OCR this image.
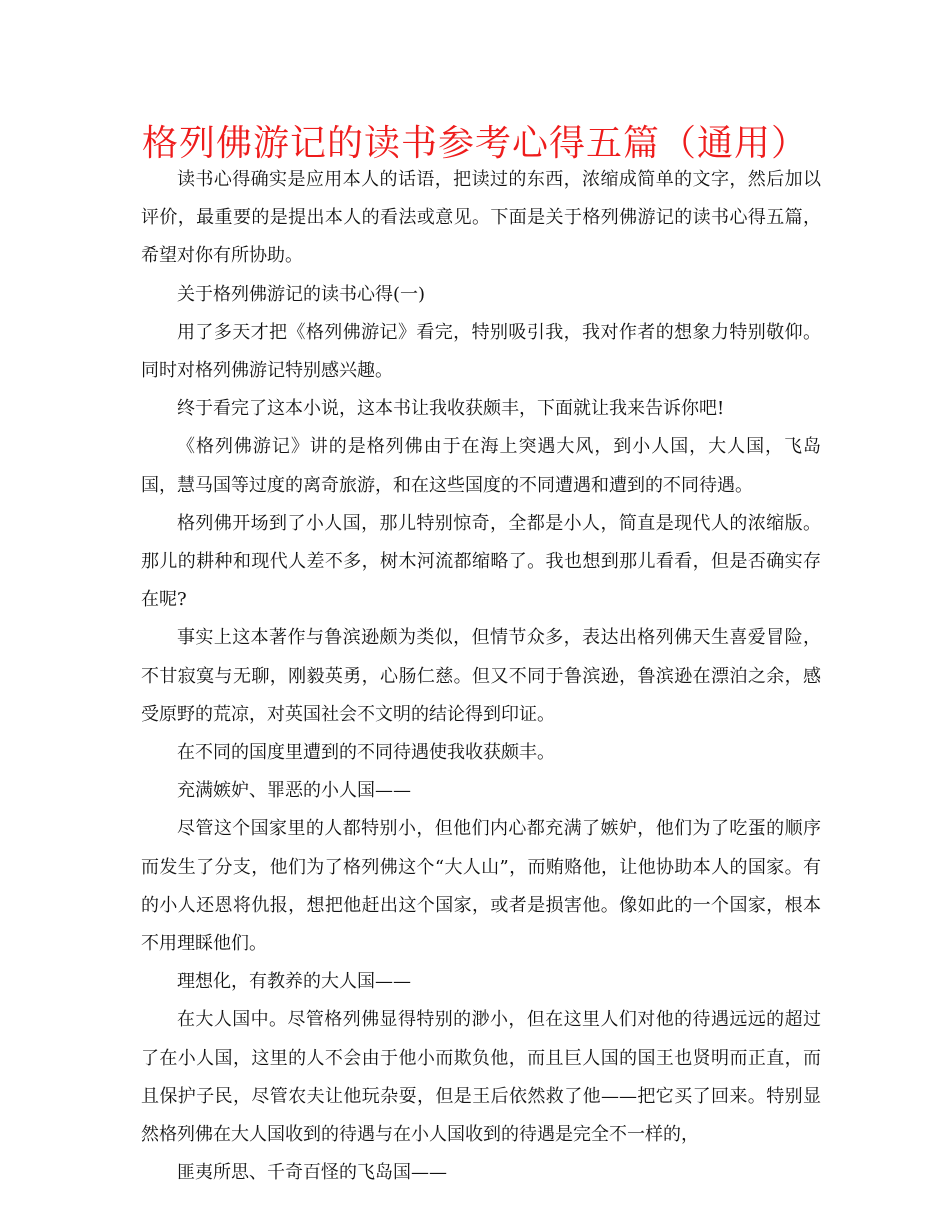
格列佛游记的读书参考心得五篇（通用）

读书心得确实是应用本人的话语，把读过的东西，浓缩成简单的文字，然后加以评价，最重要的是提出本人的看法或意见。下面是关于格列佛游记的读书心得五篇，希望对你有所协助。

关于格列佛游记的读书心得(一)

用了多天才把《格列佛游记》看完，特别吸引我，我对作者的想象力特别敬仰。同时对格列佛游记特别感兴趣。

终于看完了这本小说，这本书让我收获颇丰，下面就让我来告诉你吧!

《格列佛游记》讲的是格列佛由于在海上突遇大风，到小人国，大人国，飞岛国，慧马国等过度的离奇旅游，和在这些国度的不同遭遇和遭到的不同待遇。

格列佛开场到了小人国，那儿特别惊奇，全都是小人，简直是现代人的浓缩版。那儿的耕种和现代人差不多，树木河流都缩略了。我也想到那儿看看，但是否确实存在呢?

事实上这本著作与鲁滨逊颇为类似，但情节众多，表达出格列佛天生喜爱冒险，不甘寂寞与无聊，刚毅英勇，心肠仁慈。但又不同于鲁滨逊，鲁滨逊在漂泊之余，感受原野的荒凉，对英国社会不文明的结论得到印证。

在不同的国度里遭到的不同待遇使我收获颇丰。

充满嫉妒、罪恶的小人国——

尽管这个国家里的人都特别小，但他们内心都充满了嫉妒，他们为了吃蛋的顺序而发生了分支，他们为了格列佛这个“大人山”，而贿赂他，让他协助本人的国家。有的小人还恩将仇报，想把他赶出这个国家，或者是损害他。像如此的一个国家，根本不用理睬他们。

理想化，有教养的大人国——

在大人国中。尽管格列佛显得特别的渺小，但在这里人们对他的待遇远远的超过了在小人国，这里的人不会由于他小而欺负他，而且巨人国的国王也贤明而正直，而且保护子民，尽管农夫让他玩杂耍，但是王后依然救了他——把它买了回来。特别显然格列佛在大人国收到的待遇与在小人国收到的待遇是完全不一样的，

匪夷所思、千奇百怪的飞岛国——
